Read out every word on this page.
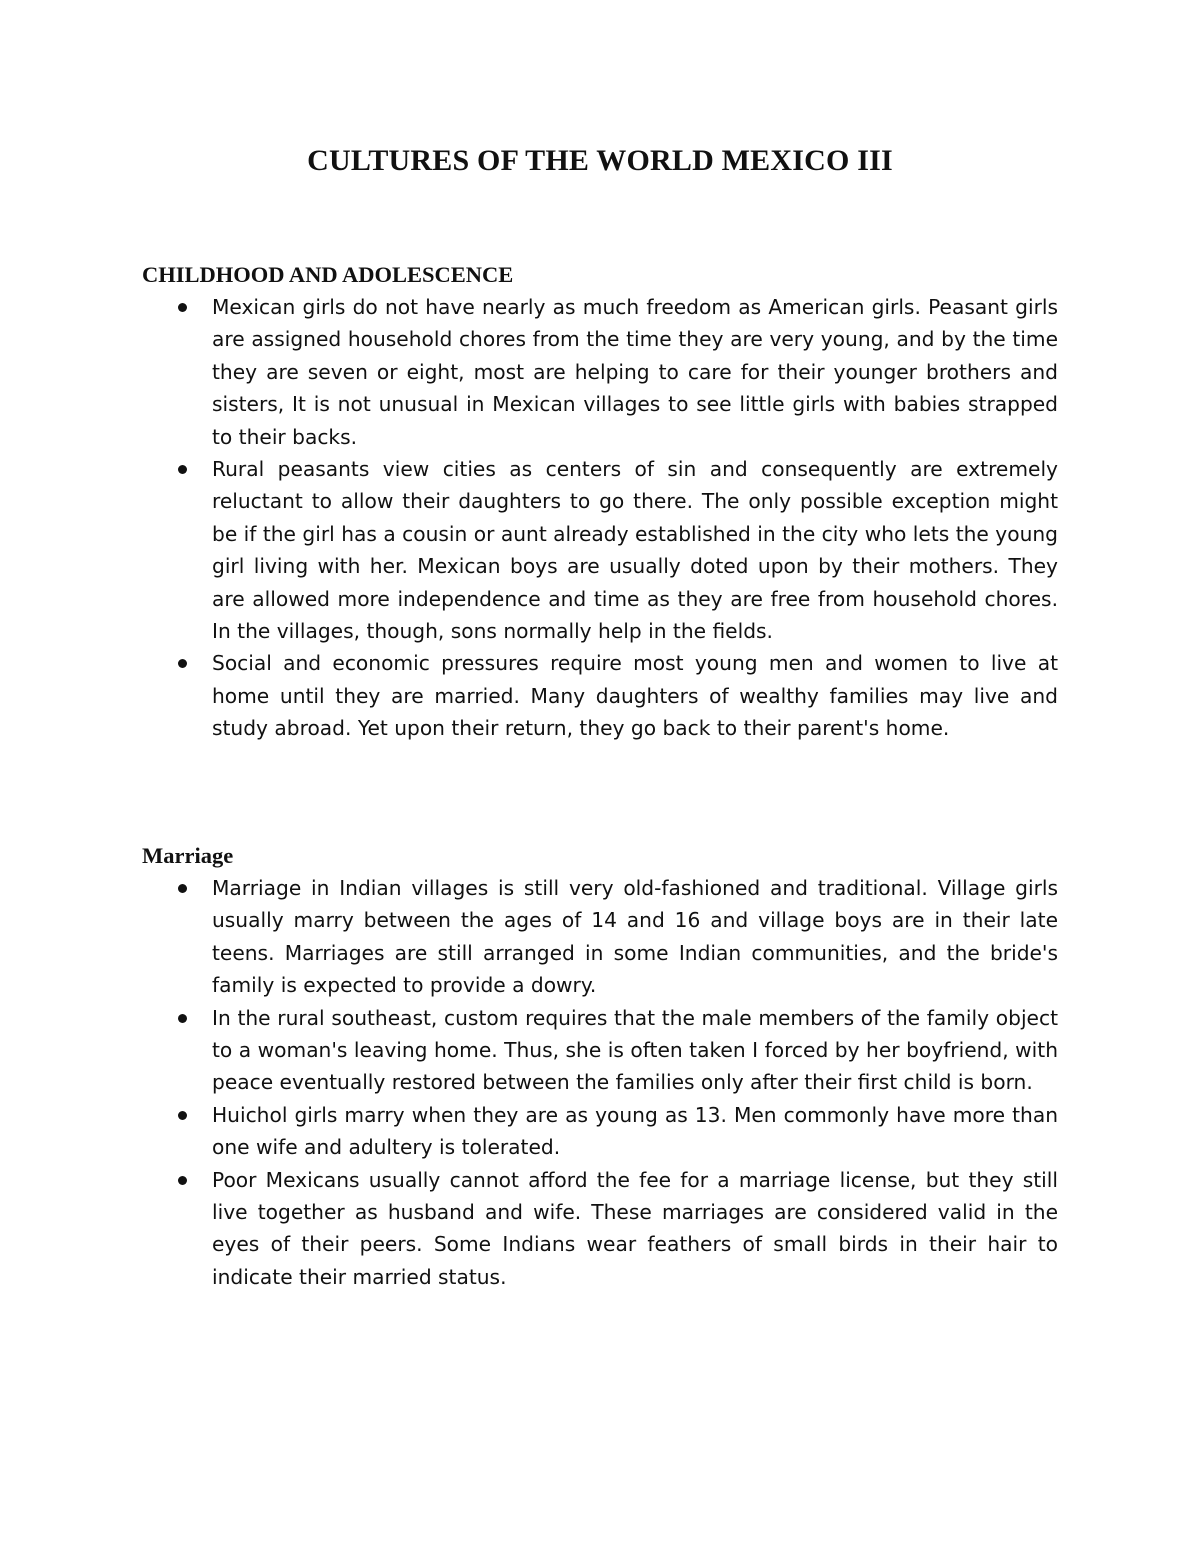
CULTURES OF THE WORLD MEXICO III
CHILDHOOD AND ADOLESCENCE
Mexican girls do not have nearly as much freedom as American girls. Peasant girls are assigned household chores from the time they are very young, and by the time they are seven or eight, most are helping to care for their younger brothers and sisters, It is not unusual in Mexican villages to see little girls with babies strapped to their backs.
Rural peasants view cities as centers of sin and consequently are extremely reluctant to allow their daughters to go there. The only possible exception might be if the girl has a cousin or aunt already established in the city who lets the young girl living with her. Mexican boys are usually doted upon by their mothers. They are allowed more independence and time as they are free from household chores. In the villages, though, sons normally help in the fields.
Social and economic pressures require most young men and women to live at home until they are married. Many daughters of wealthy families may live and study abroad. Yet upon their return, they go back to their parent's home.
Marriage
Marriage in Indian villages is still very old-fashioned and traditional. Village girls usually marry between the ages of 14 and 16 and village boys are in their late teens. Marriages are still arranged in some Indian communities, and the bride's family is expected to provide a dowry.
In the rural southeast, custom requires that the male members of the family object to a woman's leaving home. Thus, she is often taken I forced by her boyfriend, with peace eventually restored between the families only after their first child is born.
Huichol girls marry when they are as young as 13. Men commonly have more than one wife and adultery is tolerated.
Poor Mexicans usually cannot afford the fee for a marriage license, but they still live together as husband and wife. These marriages are considered valid in the eyes of their peers. Some Indians wear feathers of small birds in their hair to indicate their married status.
